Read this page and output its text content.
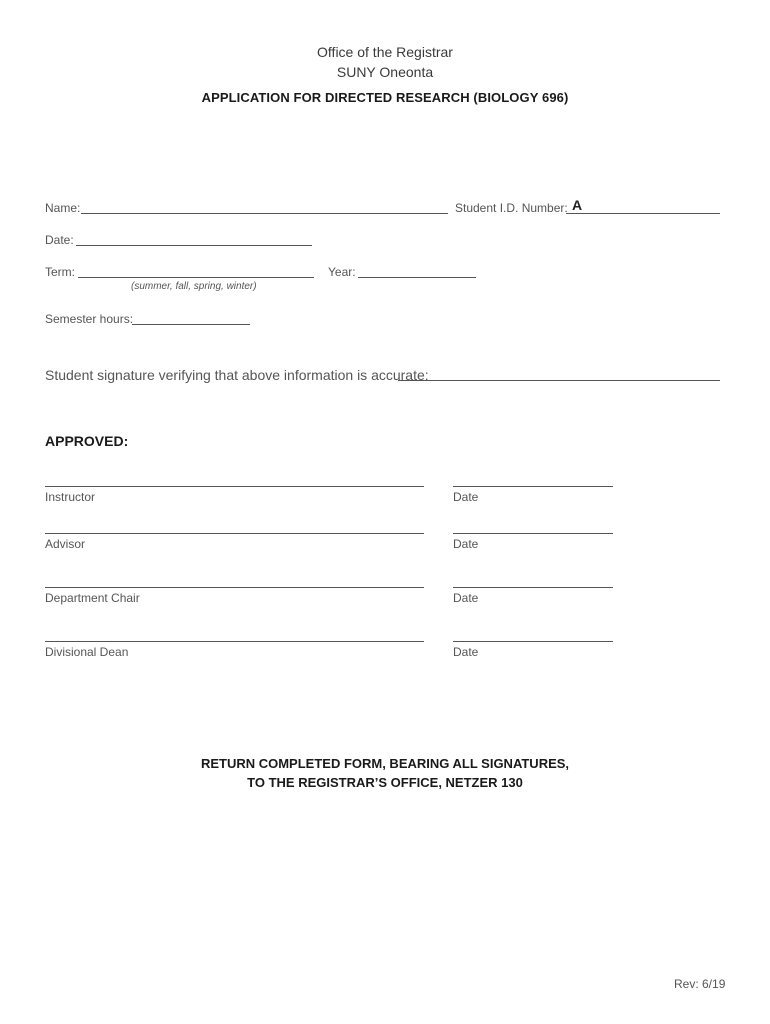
Office of the Registrar
SUNY Oneonta
APPLICATION FOR DIRECTED RESEARCH (BIOLOGY 696)
Name:	Student I.D. Number: A
Date:
Term:
(summer, fall, spring, winter)
Year:
Semester hours:
Student signature verifying that above information is accurate:
APPROVED:
Instructor	Date
Advisor	Date
Department Chair	Date
Divisional Dean	Date
RETURN COMPLETED FORM, BEARING ALL SIGNATURES,
TO THE REGISTRAR’S OFFICE, NETZER 130
Rev: 6/19
